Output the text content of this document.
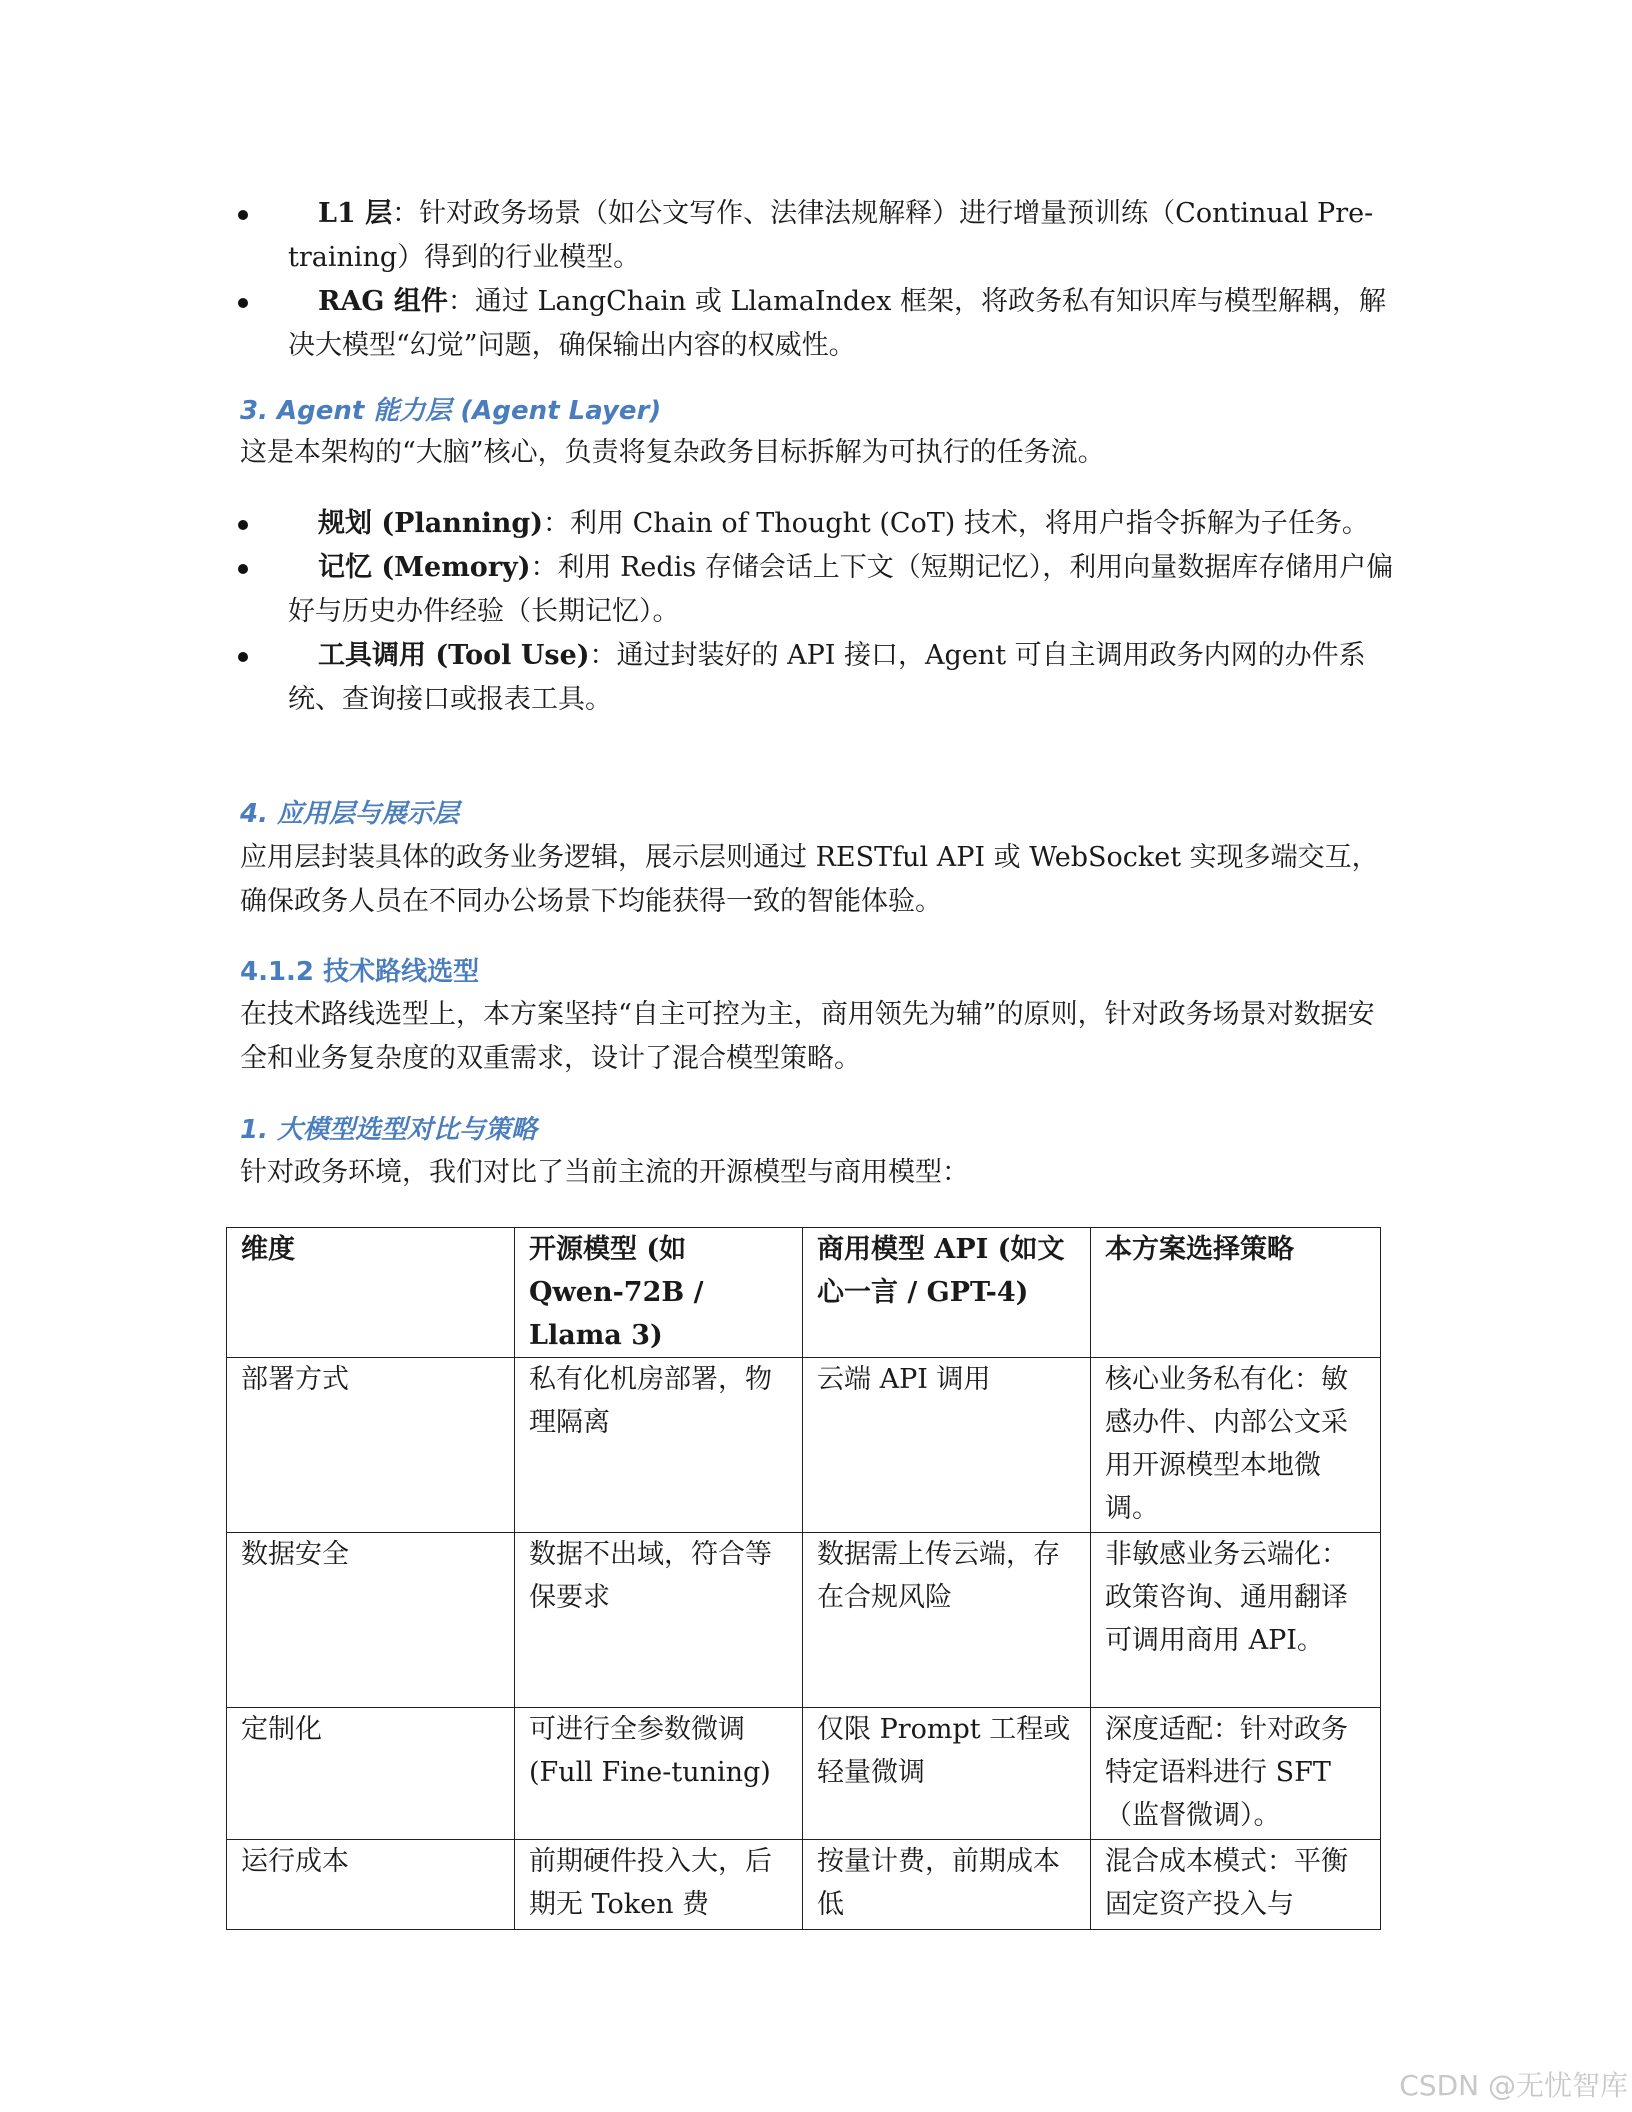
L1 层：针对政务场景（如公文写作、法律法规解释）进行增量预训练（Continual Pre-training）得到的行业模型。
RAG 组件：通过 LangChain 或 LlamaIndex 框架，将政务私有知识库与模型解耦，解决大模型“幻觉”问题，确保输出内容的权威性。
3. Agent 能力层 (Agent Layer)

这是本架构的“大脑”核心，负责将复杂政务目标拆解为可执行的任务流。

规划 (Planning)：利用 Chain of Thought (CoT) 技术，将用户指令拆解为子任务。
记忆 (Memory)：利用 Redis 存储会话上下文（短期记忆），利用向量数据库存储用户偏好与历史办件经验（长期记忆）。
工具调用 (Tool Use)：通过封装好的 API 接口，Agent 可自主调用政务内网的办件系统、查询接口或报表工具。
4. 应用层与展示层

应用层封装具体的政务业务逻辑，展示层则通过 RESTful API 或 WebSocket 实现多端交互，确保政务人员在不同办公场景下均能获得一致的智能体验。

4.1.2 技术路线选型

在技术路线选型上，本方案坚持“自主可控为主，商用领先为辅”的原则，针对政务场景对数据安全和业务复杂度的双重需求，设计了混合模型策略。

1. 大模型选型对比与策略

针对政务环境，我们对比了当前主流的开源模型与商用模型：

维度	开源模型 (如 Qwen-72B / Llama 3)	商用模型 API (如文心一言 / GPT-4)	本方案选择策略
部署方式	私有化机房部署，物理隔离	云端 API 调用	核心业务私有化：敏感办件、内部公文采用开源模型本地微调。
数据安全	数据不出域，符合等保要求	数据需上传云端，存在合规风险	非敏感业务云端化：政策咨询、通用翻译可调用商用 API。
定制化	可进行全参数微调 (Full Fine-tuning)	仅限 Prompt 工程或轻量微调	深度适配：针对政务特定语料进行 SFT（监督微调）。
运行成本	前期硬件投入大，后期无 Token 费	按量计费，前期成本低	混合成本模式：平衡固定资产投入与
CSDN @无忧智库
